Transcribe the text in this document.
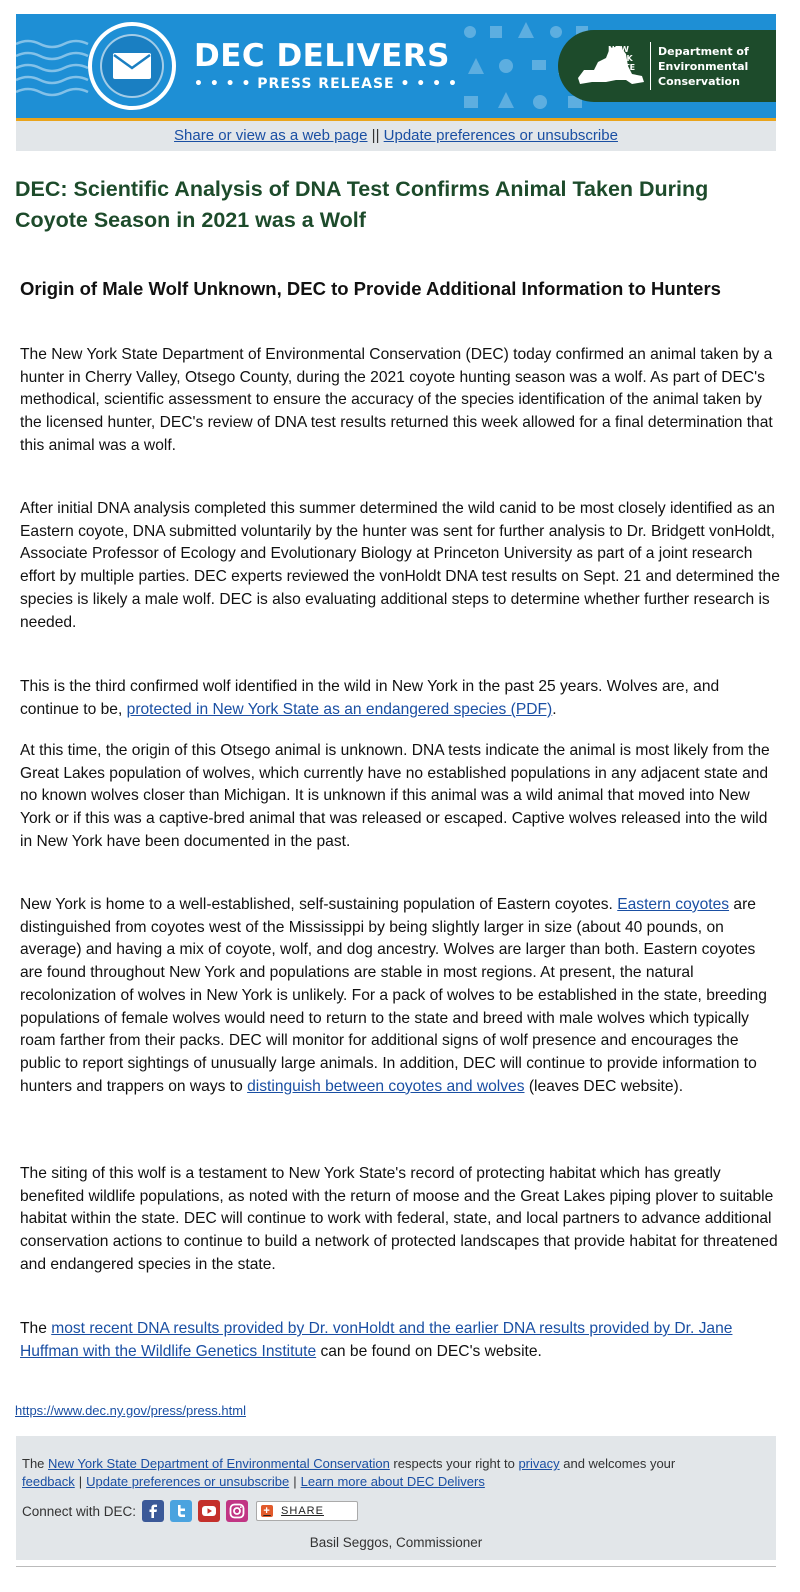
DEC DELIVERS
• • • • PRESS RELEASE • • • •
NEW
YORK
STATE
Department of
Environmental
Conservation
Share or view as a web page || Update preferences or unsubscribe
DEC: Scientific Analysis of DNA Test Confirms Animal Taken During Coyote Season in 2021 was a Wolf
Origin of Male Wolf Unknown, DEC to Provide Additional Information to Hunters

The New York State Department of Environmental Conservation (DEC) today confirmed an animal taken by a hunter in Cherry Valley, Otsego County, during the 2021 coyote hunting season was a wolf. As part of DEC's methodical, scientific assessment to ensure the accuracy of the species identification of the animal taken by the licensed hunter, DEC's review of DNA test results returned this week allowed for a final determination that this animal was a wolf.

After initial DNA analysis completed this summer determined the wild canid to be most closely identified as an Eastern coyote, DNA submitted voluntarily by the hunter was sent for further analysis to Dr. Bridgett vonHoldt, Associate Professor of Ecology and Evolutionary Biology at Princeton University as part of a joint research effort by multiple parties. DEC experts reviewed the vonHoldt DNA test results on Sept. 21 and determined the species is likely a male wolf. DEC is also evaluating additional steps to determine whether further research is needed.

This is the third confirmed wolf identified in the wild in New York in the past 25 years. Wolves are, and continue to be, protected in New York State as an endangered species (PDF).

At this time, the origin of this Otsego animal is unknown. DNA tests indicate the animal is most likely from the Great Lakes population of wolves, which currently have no established populations in any adjacent state and no known wolves closer than Michigan. It is unknown if this animal was a wild animal that moved into New York or if this was a captive-bred animal that was released or escaped. Captive wolves released into the wild in New York have been documented in the past.

New York is home to a well-established, self-sustaining population of Eastern coyotes. Eastern coyotes are distinguished from coyotes west of the Mississippi by being slightly larger in size (about 40 pounds, on average) and having a mix of coyote, wolf, and dog ancestry. Wolves are larger than both. Eastern coyotes are found throughout New York and populations are stable in most regions. At present, the natural recolonization of wolves in New York is unlikely. For a pack of wolves to be established in the state, breeding populations of female wolves would need to return to the state and breed with male wolves which typically roam farther from their packs. DEC will monitor for additional signs of wolf presence and encourages the public to report sightings of unusually large animals. In addition, DEC will continue to provide information to hunters and trappers on ways to distinguish between coyotes and wolves (leaves DEC website).

The siting of this wolf is a testament to New York State's record of protecting habitat which has greatly benefited wildlife populations, as noted with the return of moose and the Great Lakes piping plover to suitable habitat within the state. DEC will continue to work with federal, state, and local partners to advance additional conservation actions to continue to build a network of protected landscapes that provide habitat for threatened and endangered species in the state.

The most recent DNA results provided by Dr. vonHoldt and the earlier DNA results provided by Dr. Jane Huffman with the Wildlife Genetics Institute can be found on DEC's website.

https://www.dec.ny.gov/press/press.html

The New York State Department of Environmental Conservation respects your right to privacy and welcomes your feedback | Update preferences or unsubscribe | Learn more about DEC Delivers

Connect with DEC:	+ SHARE
Basil Seggos, Commissioner
